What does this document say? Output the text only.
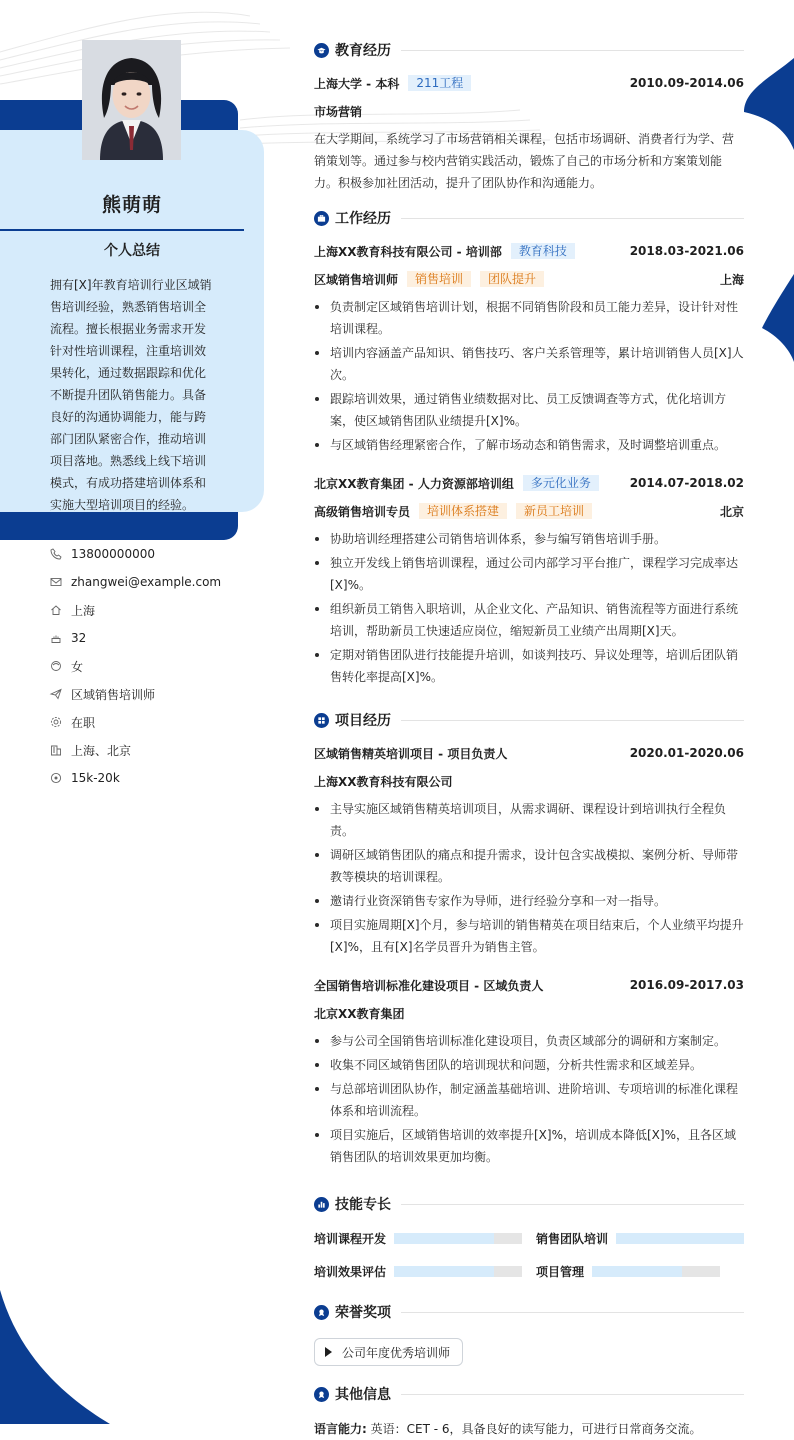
熊萌萌
个人总结
拥有[X]年教育培训行业区域销售培训经验，熟悉销售培训全流程。擅长根据业务需求开发针对性培训课程，注重培训效果转化，通过数据跟踪和优化不断提升团队销售能力。具备良好的沟通协调能力，能与跨部门团队紧密合作，推动培训项目落地。熟悉线上线下培训模式，有成功搭建培训体系和实施大型培训项目的经验。
13800000000
zhangwei@example.com
上海
32
女
区域销售培训师
在职
上海、北京
15k-20k
教育经历
上海大学 - 本科	211工程	2010.09-2014.06
市场营销
在大学期间，系统学习了市场营销相关课程，包括市场调研、消费者行为学、营销策划等。通过参与校内营销实践活动，锻炼了自己的市场分析和方案策划能力。积极参加社团活动，提升了团队协作和沟通能力。
工作经历
上海XX教育科技有限公司 - 培训部	教育科技	2018.03-2021.06
区域销售培训师	销售培训	团队提升	上海
负责制定区域销售培训计划，根据不同销售阶段和员工能力差异，设计针对性培训课程。
培训内容涵盖产品知识、销售技巧、客户关系管理等，累计培训销售人员[X]人次。
跟踪培训效果，通过销售业绩数据对比、员工反馈调查等方式，优化培训方案，使区域销售团队业绩提升[X]%。
与区域销售经理紧密合作，了解市场动态和销售需求，及时调整培训重点。
北京XX教育集团 - 人力资源部培训组	多元化业务	2014.07-2018.02
高级销售培训专员	培训体系搭建	新员工培训	北京
协助培训经理搭建公司销售培训体系，参与编写销售培训手册。
独立开发线上销售培训课程，通过公司内部学习平台推广，课程学习完成率达[X]%。
组织新员工销售入职培训，从企业文化、产品知识、销售流程等方面进行系统培训，帮助新员工快速适应岗位，缩短新员工业绩产出周期[X]天。
定期对销售团队进行技能提升培训，如谈判技巧、异议处理等，培训后团队销售转化率提高[X]%。
项目经历
区域销售精英培训项目 - 项目负责人	2020.01-2020.06
上海XX教育科技有限公司
主导实施区域销售精英培训项目，从需求调研、课程设计到培训执行全程负责。
调研区域销售团队的痛点和提升需求，设计包含实战模拟、案例分析、导师带教等模块的培训课程。
邀请行业资深销售专家作为导师，进行经验分享和一对一指导。
项目实施周期[X]个月，参与培训的销售精英在项目结束后，个人业绩平均提升[X]%，且有[X]名学员晋升为销售主管。
全国销售培训标准化建设项目 - 区域负责人	2016.09-2017.03
北京XX教育集团
参与公司全国销售培训标准化建设项目，负责区域部分的调研和方案制定。
收集不同区域销售团队的培训现状和问题，分析共性需求和区域差异。
与总部培训团队协作，制定涵盖基础培训、进阶培训、专项培训的标准化课程体系和培训流程。
项目实施后，区域销售培训的效率提升[X]%，培训成本降低[X]%，且各区域销售团队的培训效果更加均衡。
技能专长
培训课程开发	销售团队培训
培训效果评估	项目管理
荣誉奖项
公司年度优秀培训师
其他信息
语言能力: 英语：CET - 6，具备良好的读写能力，可进行日常商务交流。
